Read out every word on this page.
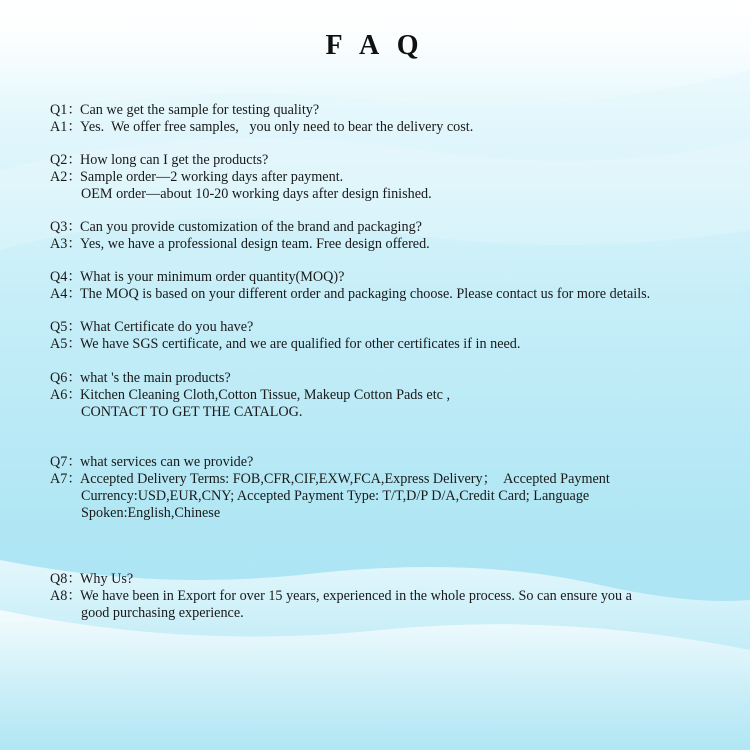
F A Q
Q1：
Can we get the sample for testing quality?
A1：
Yes.  We offer free samples,   you only need to bear the delivery cost.
Q2：
How long can I get the products?
A2：
Sample order—2 working days after payment.
OEM order—about 10-20 working days after design finished.
Q3：
Can you provide customization of the brand and packaging?
A3：
Yes, we have a professional design team. Free design offered.
Q4：
What is your minimum order quantity(MOQ)?
A4：
The MOQ is based on your different order and packaging choose. Please contact us for more details.
Q5：
What Certificate do you have?
A5：
We have SGS certificate, and we are qualified for other certificates if in need.
Q6：
what 's the main products?
A6：
Kitchen Cleaning Cloth,Cotton Tissue, Makeup Cotton Pads etc ,
CONTACT TO GET THE CATALOG.
Q7：
what services can we provide?
A7：
Accepted Delivery Terms: FOB,CFR,CIF,EXW,FCA,Express Delivery；  Accepted Payment
Currency:USD,EUR,CNY; Accepted Payment Type: T/T,D/P D/A,Credit Card; Language
Spoken:English,Chinese
Q8：
Why Us?
A8：
We have been in Export for over 15 years, experienced in the whole process. So can ensure you a
good purchasing experience.
